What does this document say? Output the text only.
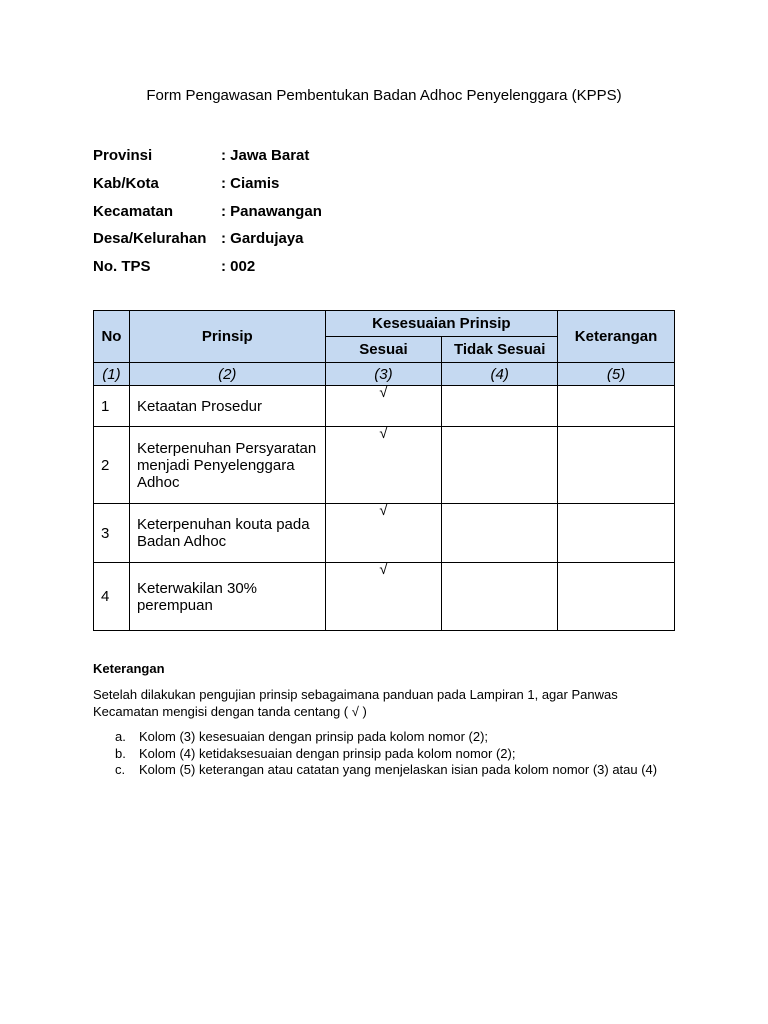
Form Pengawasan Pembentukan Badan Adhoc Penyelenggara (KPPS)
Provinsi	: Jawa Barat
Kab/Kota	: Ciamis
Kecamatan	: Panawangan
Desa/Kelurahan : Gardujaya
No. TPS	: 002
No	Prinsip	Kesesuaian Prinsip		Keterangan
		Sesuai	Tidak Sesuai	
(1)	(2)	(3)	(4)	(5)
1	Ketaatan Prosedur	√		
2	Keterpenuhan Persyaratan menjadi Penyelenggara Adhoc	√		
3	Keterpenuhan kouta pada Badan Adhoc	√		
4	Keterwakilan 30% perempuan	√		
Keterangan
Setelah dilakukan pengujian prinsip sebagaimana panduan pada Lampiran 1, agar Panwas Kecamatan mengisi dengan tanda centang ( √ )
a.	Kolom (3) kesesuaian dengan prinsip pada kolom nomor (2);
b.	Kolom (4) ketidaksesuaian dengan prinsip pada kolom nomor (2);
c.	Kolom (5) keterangan atau catatan yang menjelaskan isian pada kolom nomor (3) atau (4)
